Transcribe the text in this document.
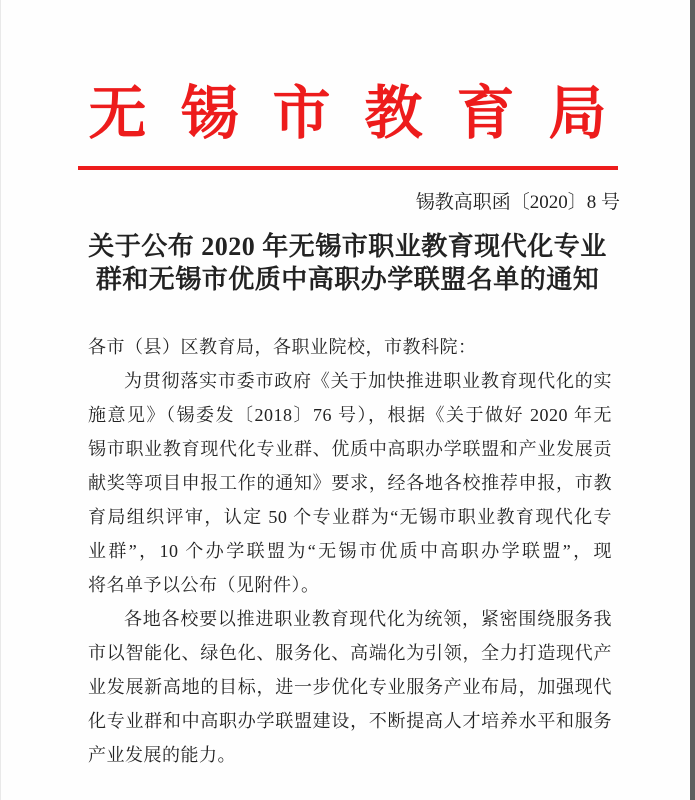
无锡市教育局
锡教高职函〔2020〕8 号
关于公布 2020 年无锡市职业教育现代化专业
群和无锡市优质中高职办学联盟名单的通知
各市（县）区教育局，各职业院校，市教科院：
为贯彻落实市委市政府《关于加快推进职业教育现代化的实
施意见》（锡委发〔2018〕76 号），根据《关于做好 2020 年无
锡市职业教育现代化专业群、优质中高职办学联盟和产业发展贡
献奖等项目申报工作的通知》要求，经各地各校推荐申报，市教
育局组织评审，认定 50 个专业群为“无锡市职业教育现代化专
业群”，10 个办学联盟为“无锡市优质中高职办学联盟”，现
将名单予以公布（见附件）。
各地各校要以推进职业教育现代化为统领，紧密围绕服务我
市以智能化、绿色化、服务化、高端化为引领，全力打造现代产
业发展新高地的目标，进一步优化专业服务产业布局，加强现代
化专业群和中高职办学联盟建设，不断提高人才培养水平和服务
产业发展的能力。
